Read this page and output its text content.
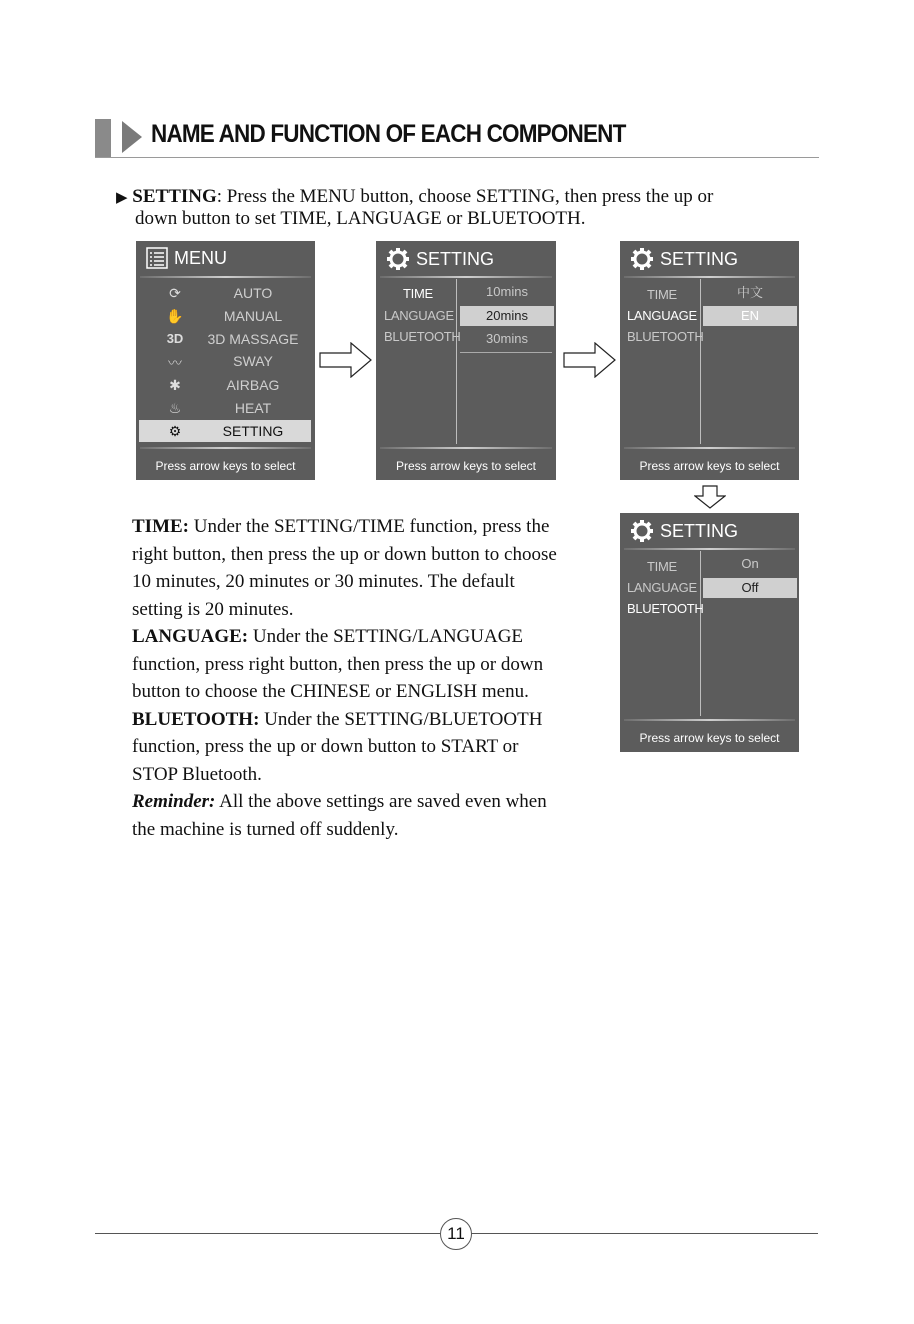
NAME AND FUNCTION OF EACH COMPONENT
▶ SETTING: Press the MENU button, choose SETTING, then press the up or
down button to set TIME, LANGUAGE or BLUETOOTH.
MENU
⟳	AUTO
✋	MANUAL
3D	3D MASSAGE
〰	SWAY
✱	AIRBAG
♨	HEAT
⚙	SETTING
Press arrow keys to select
SETTING
TIME
LANGUAGE
BLUETOOTH
10mins
20mins
30mins
Press arrow keys to select
SETTING
TIME
LANGUAGE
BLUETOOTH
中文
EN
Press arrow keys to select
SETTING
TIME
LANGUAGE
BLUETOOTH
On
Off
Press arrow keys to select

TIME: Under the SETTING/TIME function, press the right button, then press the up or down button to choose 10 minutes, 20 minutes or 30 minutes. The default setting is 20 minutes.

LANGUAGE: Under the SETTING/LANGUAGE function, press right button, then press the up or down button to choose the CHINESE or ENGLISH menu.

BLUETOOTH: Under the SETTING/BLUETOOTH function, press the up or down button to START or STOP Bluetooth.

Reminder: All the above settings are saved even when the machine is turned off suddenly.

11
